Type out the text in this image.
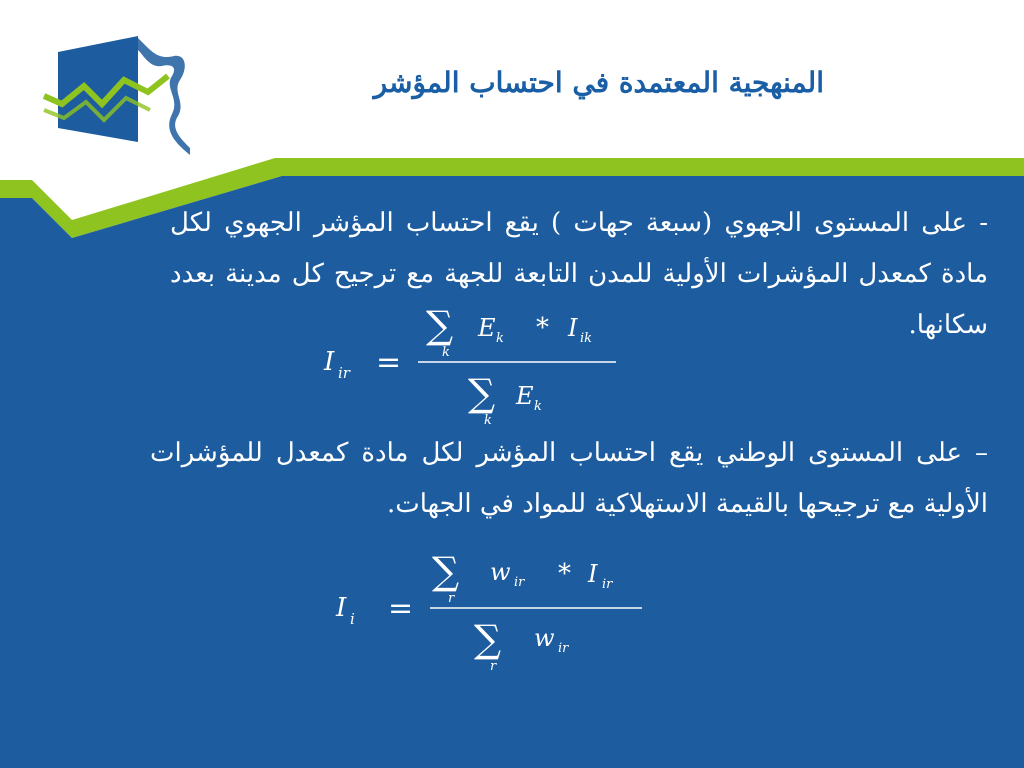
المنهجية المعتمدة في احتساب المؤشر
- على المستوى الجهوي (سبعة جهات ) يقع احتساب المؤشر الجهوي لكل مادة كمعدل المؤشرات الأولية للمدن التابعة للجهة مع ترجيح كل مدينة بعدد سكانها.
I ir =
∑
k
E k * I ik
∑
k
E k
– على المستوى الوطني يقع احتساب المؤشر لكل مادة كمعدل للمؤشرات الأولية مع ترجيحها بالقيمة الاستهلاكية للمواد في الجهات.
I i =
∑
r
w ir * I ir
∑
r
w ir
